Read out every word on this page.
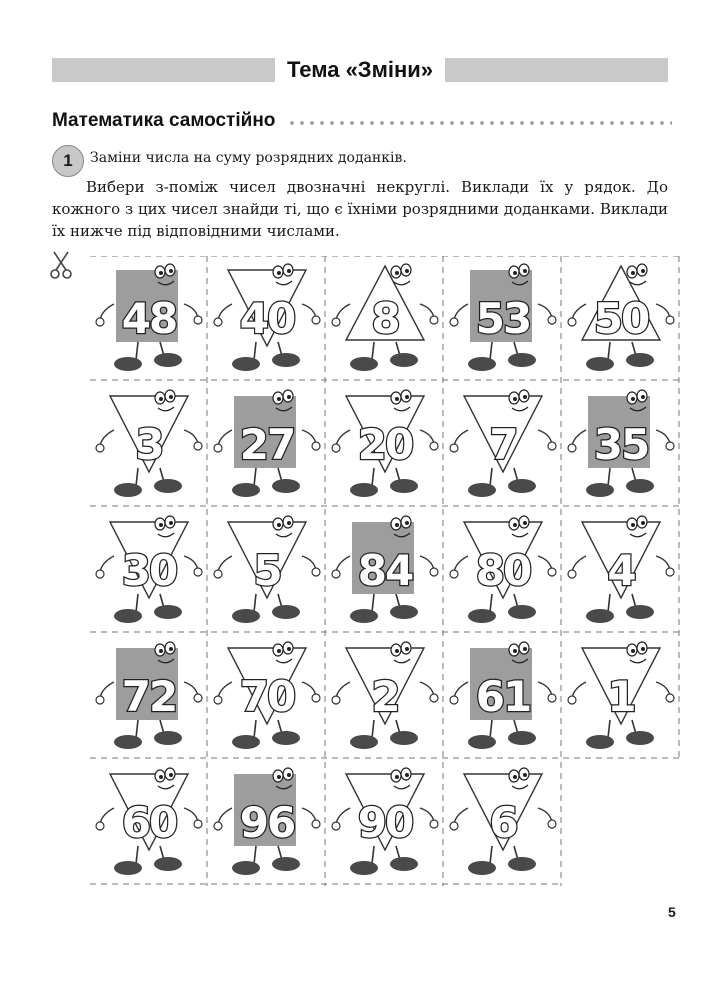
Тема «Зміни»
Математика самостійно
1	Заміни числа на суму розрядних доданків.
Вибери з-поміж чисел двозначні некруглі. Виклади їх у рядок. До кожного з цих чисел знайди ті, що є їхніми розрядними доданками. Виклади їх нижче під відповідними числами.
48	40	8	53	50
3	27	20	7	35
30	5	84	80	4
72	70	2	61	1
60	96	90	6
5
